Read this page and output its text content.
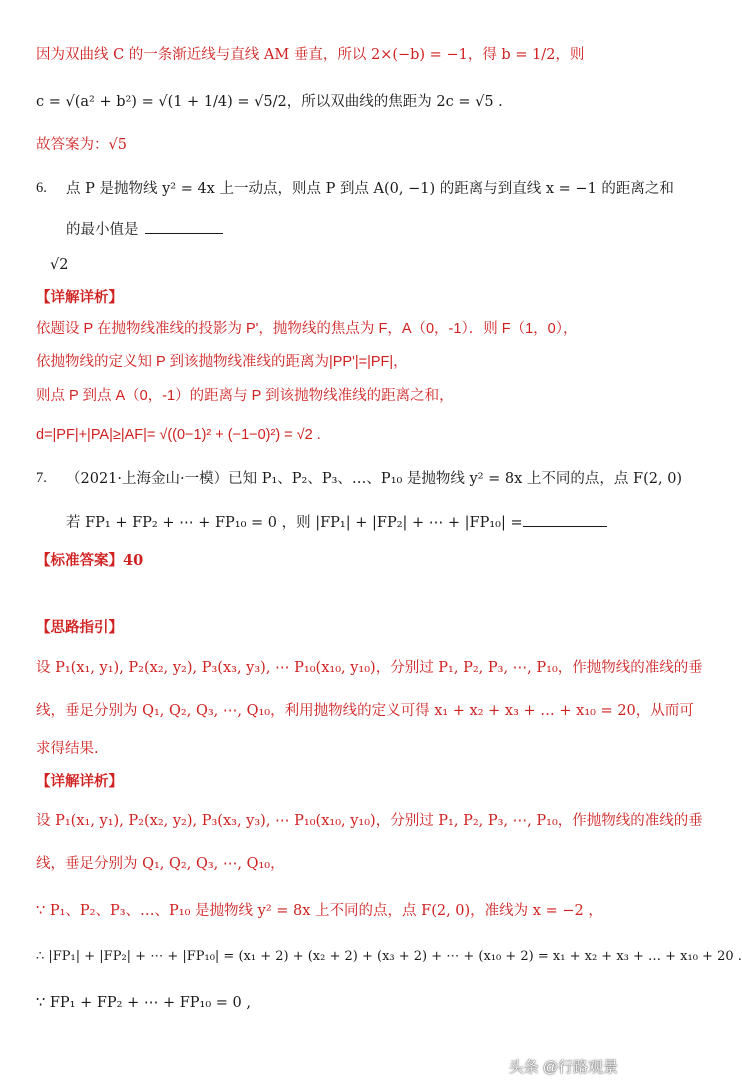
因为双曲线 C 的一条渐近线与直线 AM 垂直，所以 2×(−b) = −1，得 b = 1/2，则
c = √(a² + b²) = √(1 + 1/4) = √5/2，所以双曲线的焦距为 2c = √5 .
故答案为：√5
6. 点 P 是抛物线 y² = 4x 上一动点，则点 P 到点 A(0, −1) 的距离与到直线 x = −1 的距离之和
的最小值是
√2
【详解详析】
依题设 P 在抛物线准线的投影为 P'，抛物线的焦点为 F，A（0，-1）．则 F（1，0），
依抛物线的定义知 P 到该抛物线准线的距离为|PP'|=|PF|，
则点 P 到点 A（0，-1）的距离与 P 到该抛物线准线的距离之和，
d=|PF|+|PA|≥|AF|= √((0−1)² + (−1−0)²) = √2 .
7. （2021·上海金山·一模）已知 P₁、P₂、P₃、…、P₁₀ 是抛物线 y² = 8x 上不同的点，点 F(2, 0)
若 FP₁ + FP₂ + ⋯ + FP₁₀ = 0 ，则 |FP₁| + |FP₂| + ⋯ + |FP₁₀| =
【标准答案】40
【思路指引】
设 P₁(x₁, y₁), P₂(x₂, y₂), P₃(x₃, y₃), ⋯ P₁₀(x₁₀, y₁₀)，分别过 P₁, P₂, P₃, ⋯, P₁₀，作抛物线的准线的垂
线，垂足分别为 Q₁, Q₂, Q₃, ⋯, Q₁₀，利用抛物线的定义可得 x₁ + x₂ + x₃ + … + x₁₀ = 20，从而可
求得结果.
【详解详析】
设 P₁(x₁, y₁), P₂(x₂, y₂), P₃(x₃, y₃), ⋯ P₁₀(x₁₀, y₁₀)，分别过 P₁, P₂, P₃, ⋯, P₁₀，作抛物线的准线的垂
线，垂足分别为 Q₁, Q₂, Q₃, ⋯, Q₁₀，
∵ P₁、P₂、P₃、…、P₁₀ 是抛物线 y² = 8x 上不同的点，点 F(2, 0)，准线为 x = −2 ，
∴ |FP₁| + |FP₂| + ⋯ + |FP₁₀| = (x₁ + 2) + (x₂ + 2) + (x₃ + 2) + ⋯ + (x₁₀ + 2) = x₁ + x₂ + x₃ + … + x₁₀ + 20 .
∵ FP₁ + FP₂ + ⋯ + FP₁₀ = 0 ,
头条 @行路观景
